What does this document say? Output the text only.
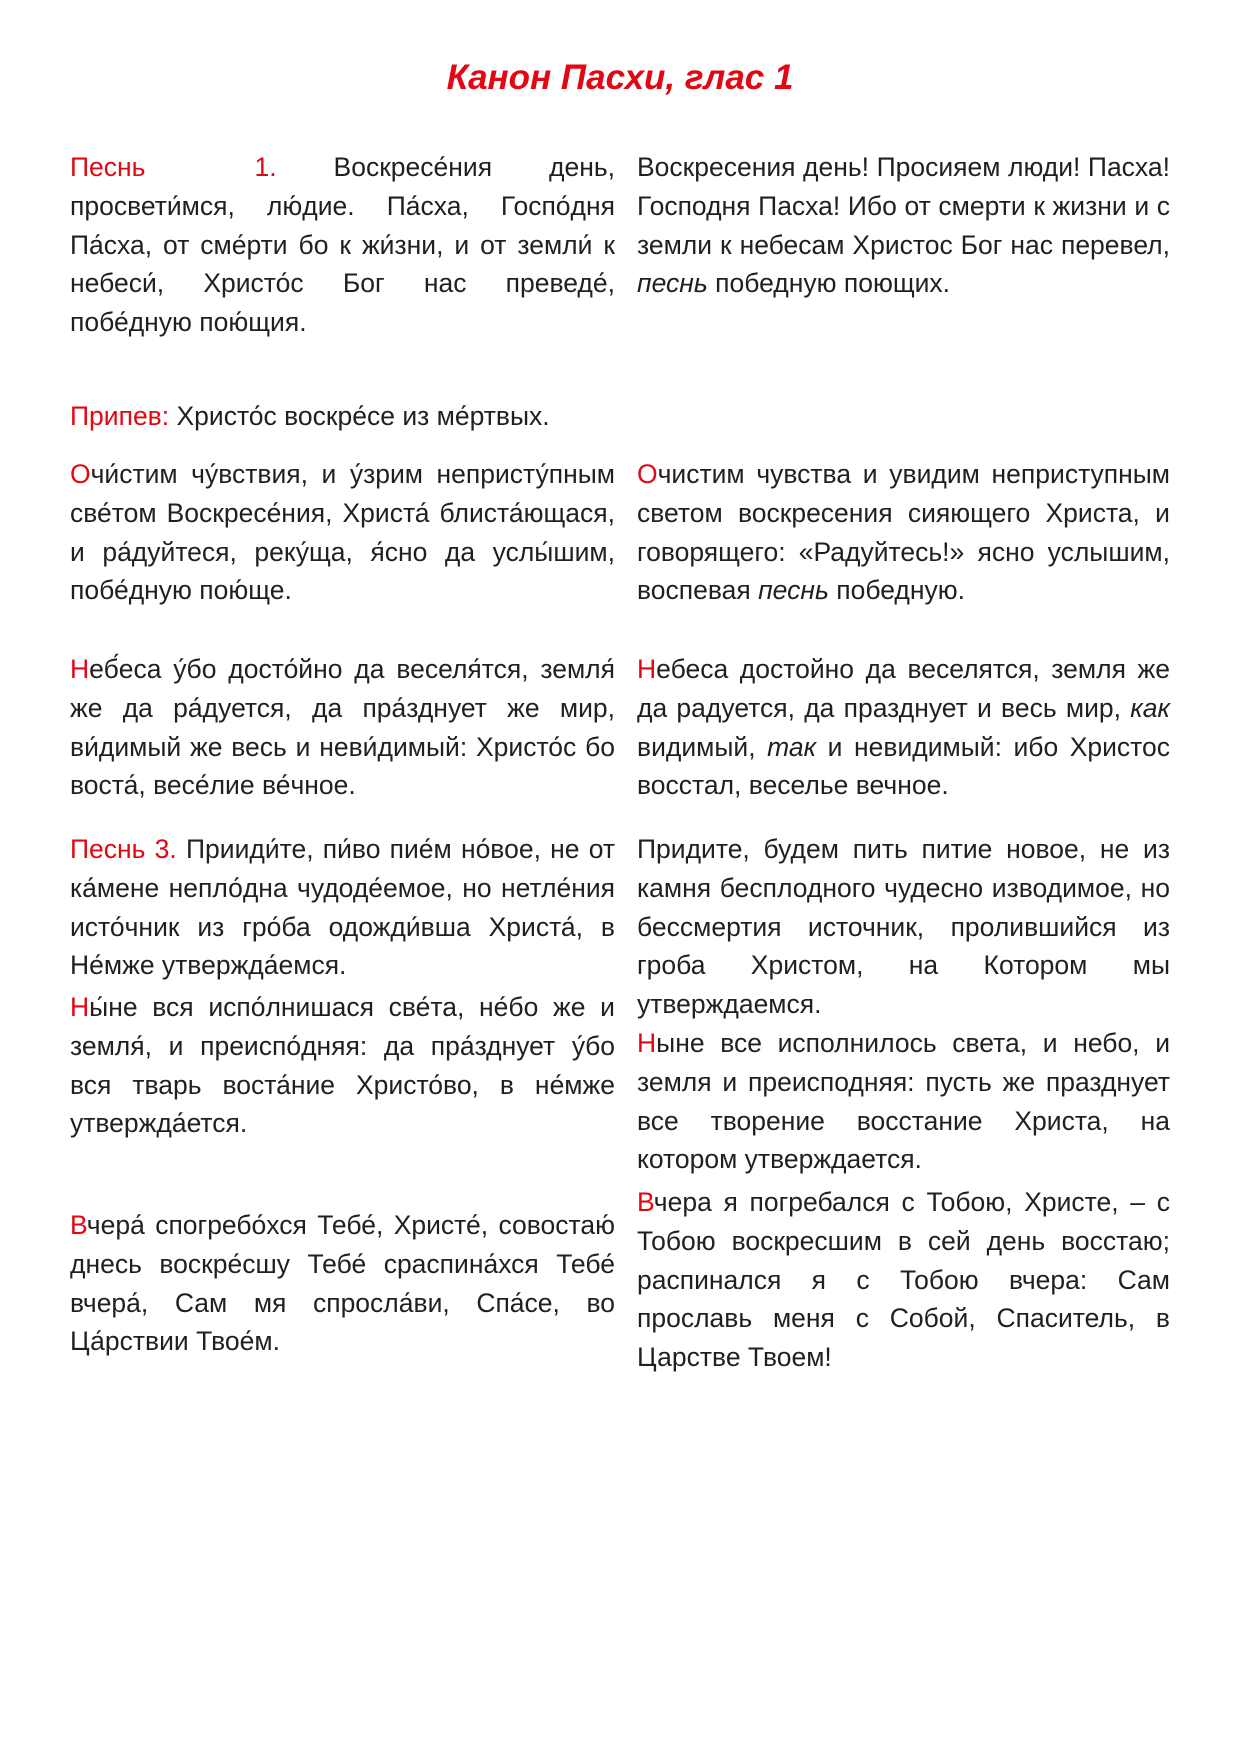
Канон Пасхи, глас 1

Песнь	1. Воскресе́ния день, просвети́мся, лю́дие. Па́сха, Госпо́дня Па́сха, от сме́рти бо к жи́зни, и от земли́ к небеси́, Христо́с Бог нас преведе́, побе́дную пою́щия.

Воскресения день! Просияем люди! Пасха! Господня Пасха! Ибо от смерти к жизни и с земли к небесам Христос Бог нас перевел, песнь победную поющих.

Припев: Христо́с воскре́се из ме́ртвых.

Очи́стим чу́вствия, и у́зрим непристу́пным све́том Воскресе́ния, Христа́ блиста́ющася, и ра́дуйтеся, реку́ща, я́сно да услы́шим, побе́дную пою́ще.

Очистим чувства и увидим неприступным светом воскресения сияющего Христа, и говорящего: «Радуйтесь!» ясно услышим, воспевая песнь победную.

Неб́еса у́бо досто́йно да веселя́тся, земля́ же да ра́дуется, да пра́зднует же мир, ви́димый же весь и неви́димый: Христо́с бо воста́, весе́лие ве́чное.

Небеса достойно да веселятся, земля же да радуется, да празднует и весь мир, как видимый, так и невидимый: ибо Христос восстал, веселье вечное.

Песнь 3. Прииди́те, пи́во пие́м но́вое, не от ка́мене непло́дна чудоде́емое, но нетле́ния исто́чник из гро́ба одожди́вша Христа́, в Не́мже утвержда́емся.

Придите, будем пить питие новое, не из камня бесплодного чудесно изводимое, но бессмертия источник, пролившийся из гроба Христом, на Котором мы утверждаемся.

Ны́не вся испо́лнишася све́та, не́бо же и земля́, и преиспо́дняя: да пра́зднует у́бо вся тварь воста́ние Христо́во, в не́мже утвержда́ется.

Ныне все исполнилось света, и небо, и земля и преисподняя: пусть же празднует все творение восстание Христа, на котором утверждается.

Вчера́ спогребо́хся Тебе́, Христе́, совостаю́ днесь воскре́сшу Тебе́ сраспина́хся Тебе́ вчера́, Сам мя спросла́ви, Спа́се, во Ца́рствии Твое́м.

Вчера я погребался с Тобою, Христе, – с Тобою воскресшим в сей день восстаю; распинался я с Тобою вчера: Сам прославь меня с Собой, Спаситель, в Царстве Твоем!
